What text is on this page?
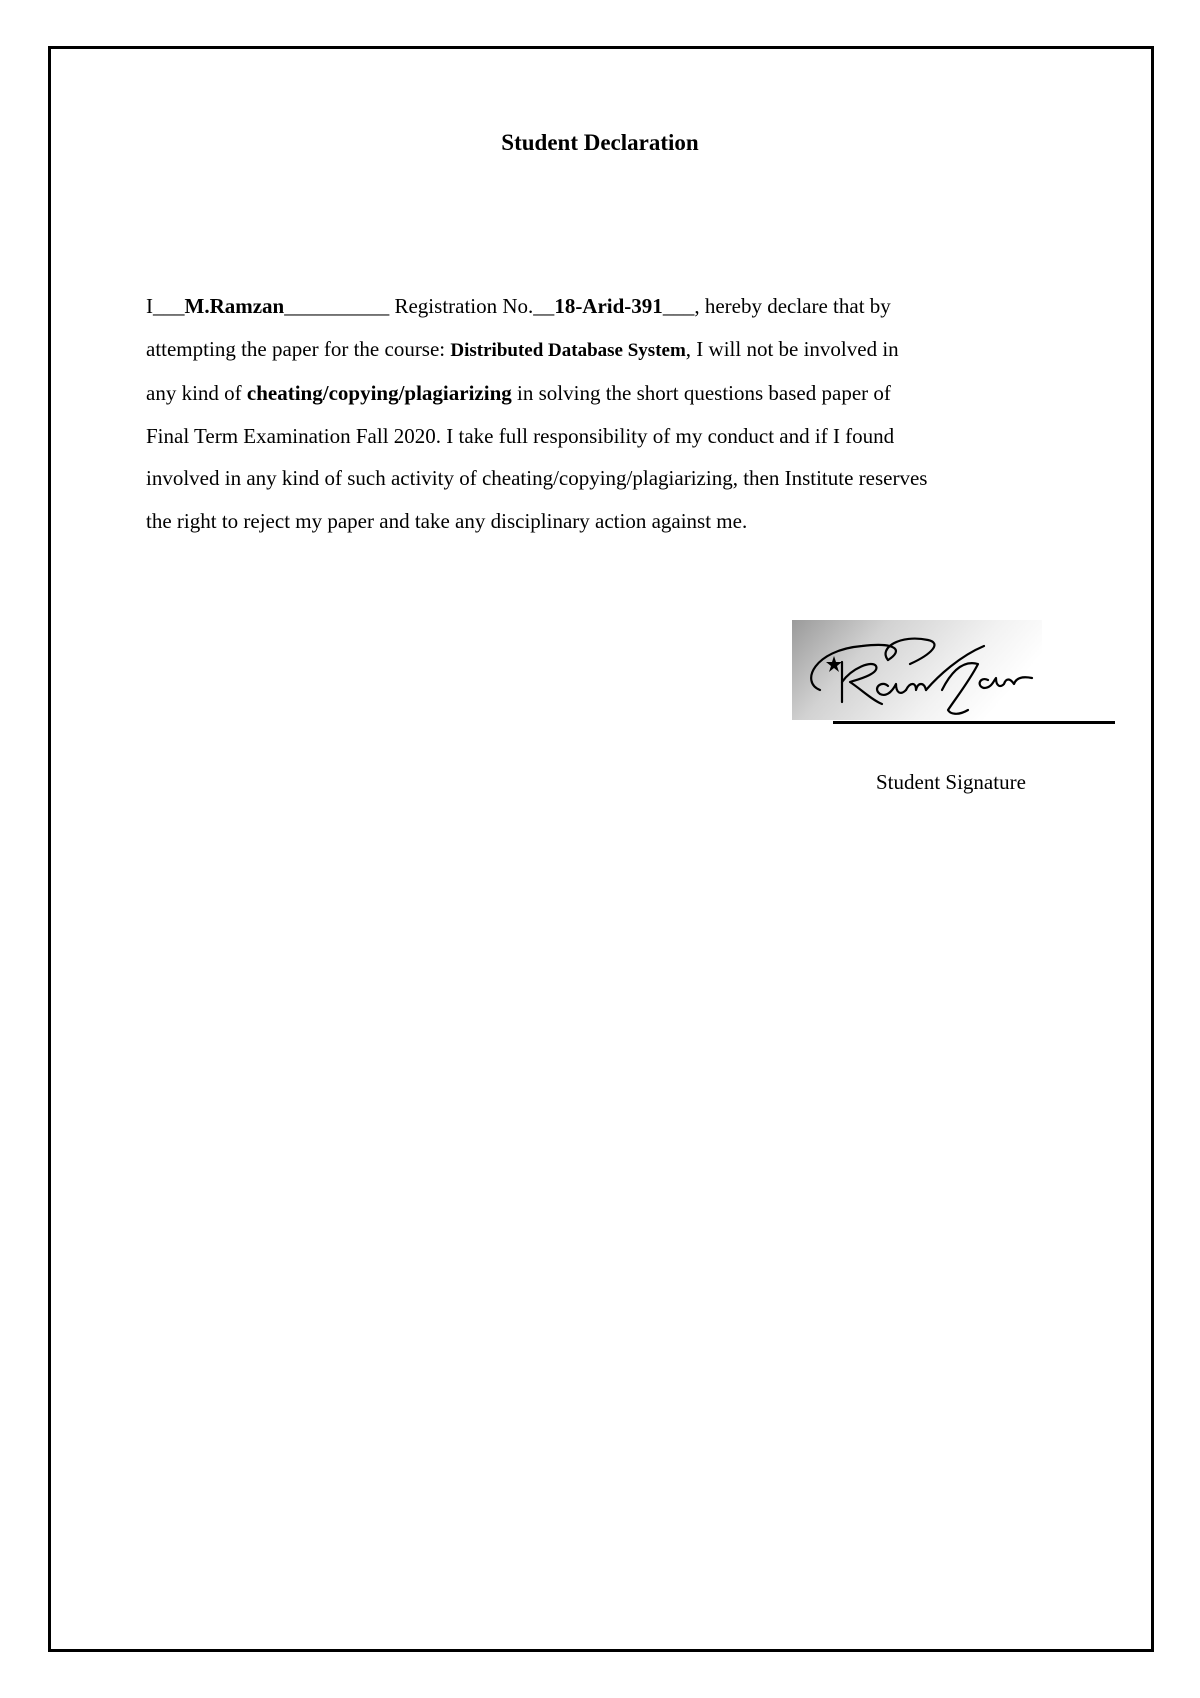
Student Declaration

I___M.Ramzan__________ Registration No.__18-Arid-391___, hereby declare that by
attempting the paper for the course: Distributed Database System, I will not be involved in
any kind of cheating/copying/plagiarizing in solving the short questions based paper of
Final Term Examination Fall 2020. I take full responsibility of my conduct and if I found
involved in any kind of such activity of cheating/copying/plagiarizing, then Institute reserves
the right to reject my paper and take any disciplinary action against me.

Student Signature
